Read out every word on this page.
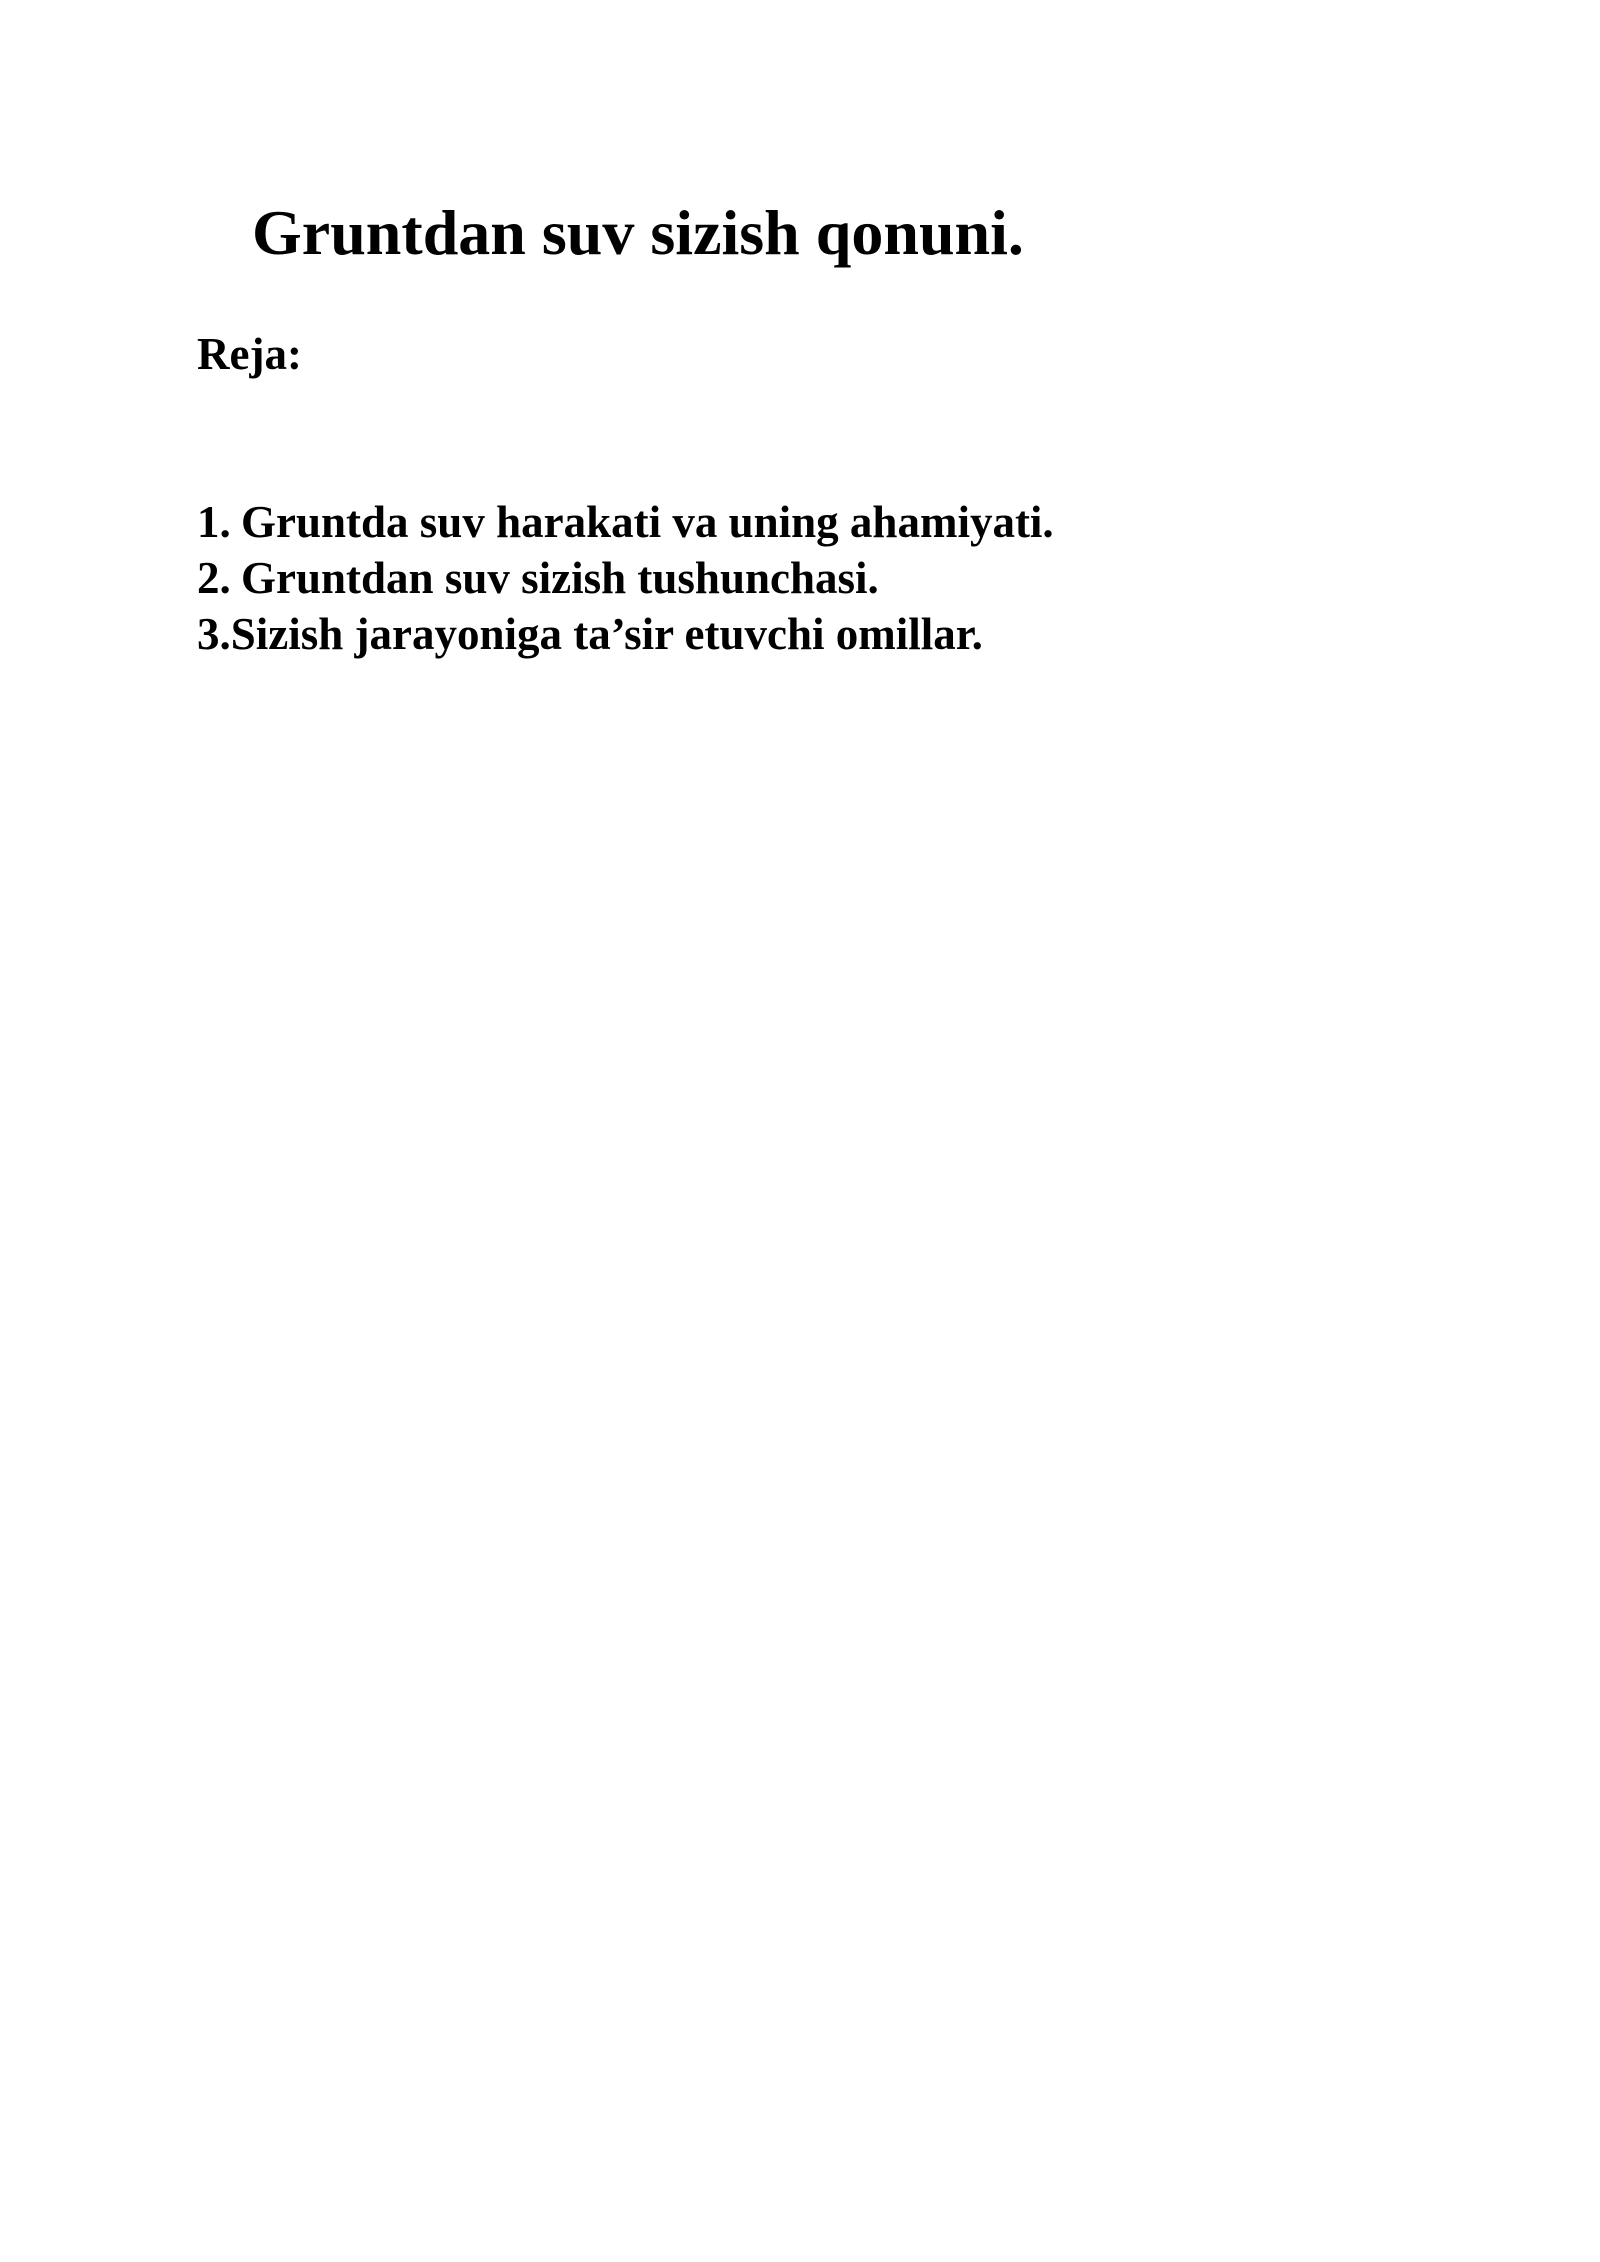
Gruntdan suv sizish qonuni.

Reja:

1. Gruntda suv harakati va uning ahamiyati.
2. Gruntdan suv sizish tushunchasi.
3.Sizish jarayoniga ta’sir etuvchi omillar.
